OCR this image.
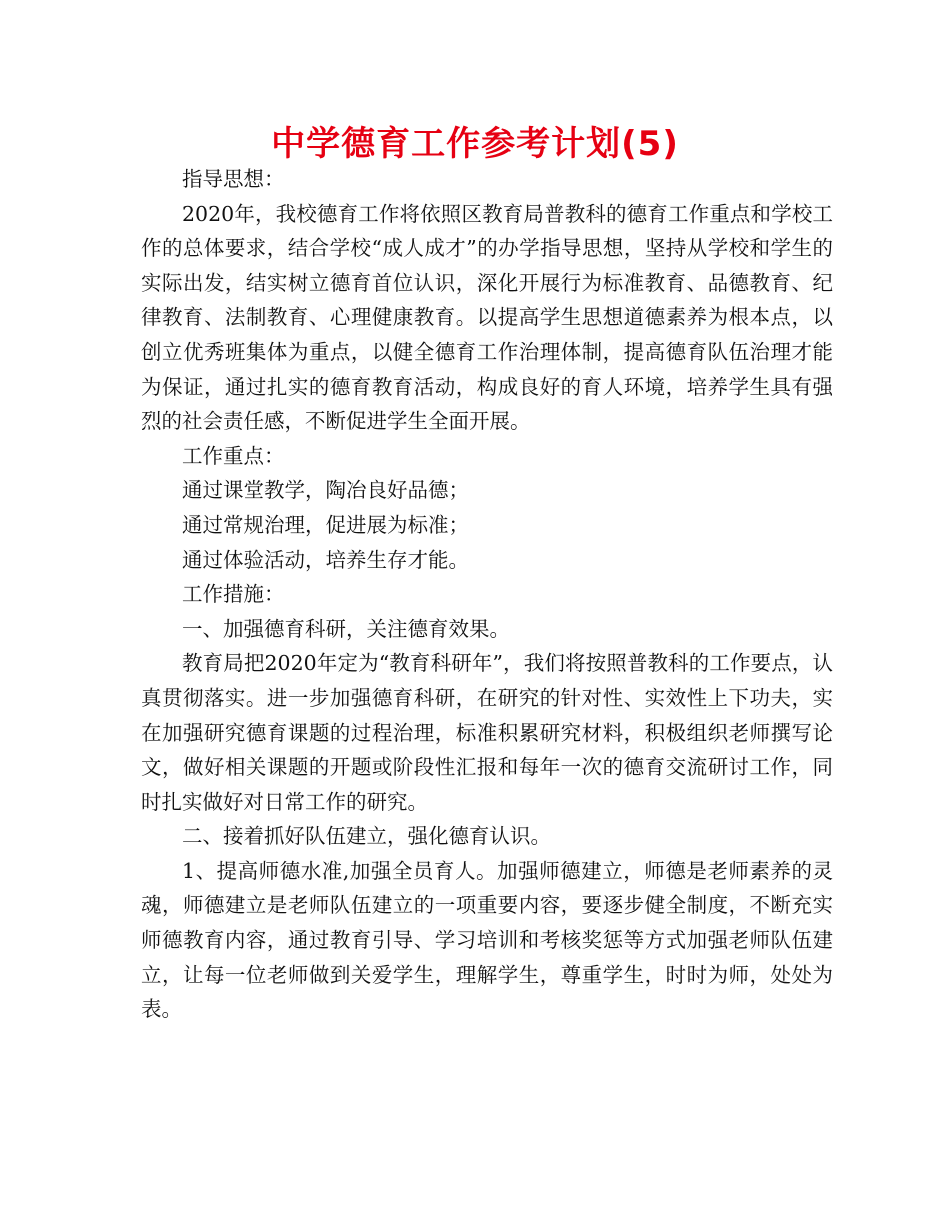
中学德育工作参考计划(5)

指导思想：

2020年，我校德育工作将依照区教育局普教科的德育工作重点和学校工作的总体要求，结合学校“成人成才”的办学指导思想，坚持从学校和学生的实际出发，结实树立德育首位认识，深化开展行为标准教育、品德教育、纪律教育、法制教育、心理健康教育。以提高学生思想道德素养为根本点，以创立优秀班集体为重点，以健全德育工作治理体制，提高德育队伍治理才能为保证，通过扎实的德育教育活动，构成良好的育人环境，培养学生具有强烈的社会责任感，不断促进学生全面开展。

工作重点：

通过课堂教学，陶冶良好品德；

通过常规治理，促进展为标准；

通过体验活动，培养生存才能。

工作措施：

一、加强德育科研，关注德育效果。

教育局把2020年定为“教育科研年”，我们将按照普教科的工作要点，认真贯彻落实。进一步加强德育科研，在研究的针对性、实效性上下功夫，实在加强研究德育课题的过程治理，标准积累研究材料，积极组织老师撰写论文，做好相关课题的开题或阶段性汇报和每年一次的德育交流研讨工作，同时扎实做好对日常工作的研究。

二、接着抓好队伍建立，强化德育认识。

1、提高师德水准,加强全员育人。加强师德建立，师德是老师素养的灵魂，师德建立是老师队伍建立的一项重要内容，要逐步健全制度，不断充实师德教育内容，通过教育引导、学习培训和考核奖惩等方式加强老师队伍建立，让每一位老师做到关爱学生，理解学生，尊重学生，时时为师，处处为表。
